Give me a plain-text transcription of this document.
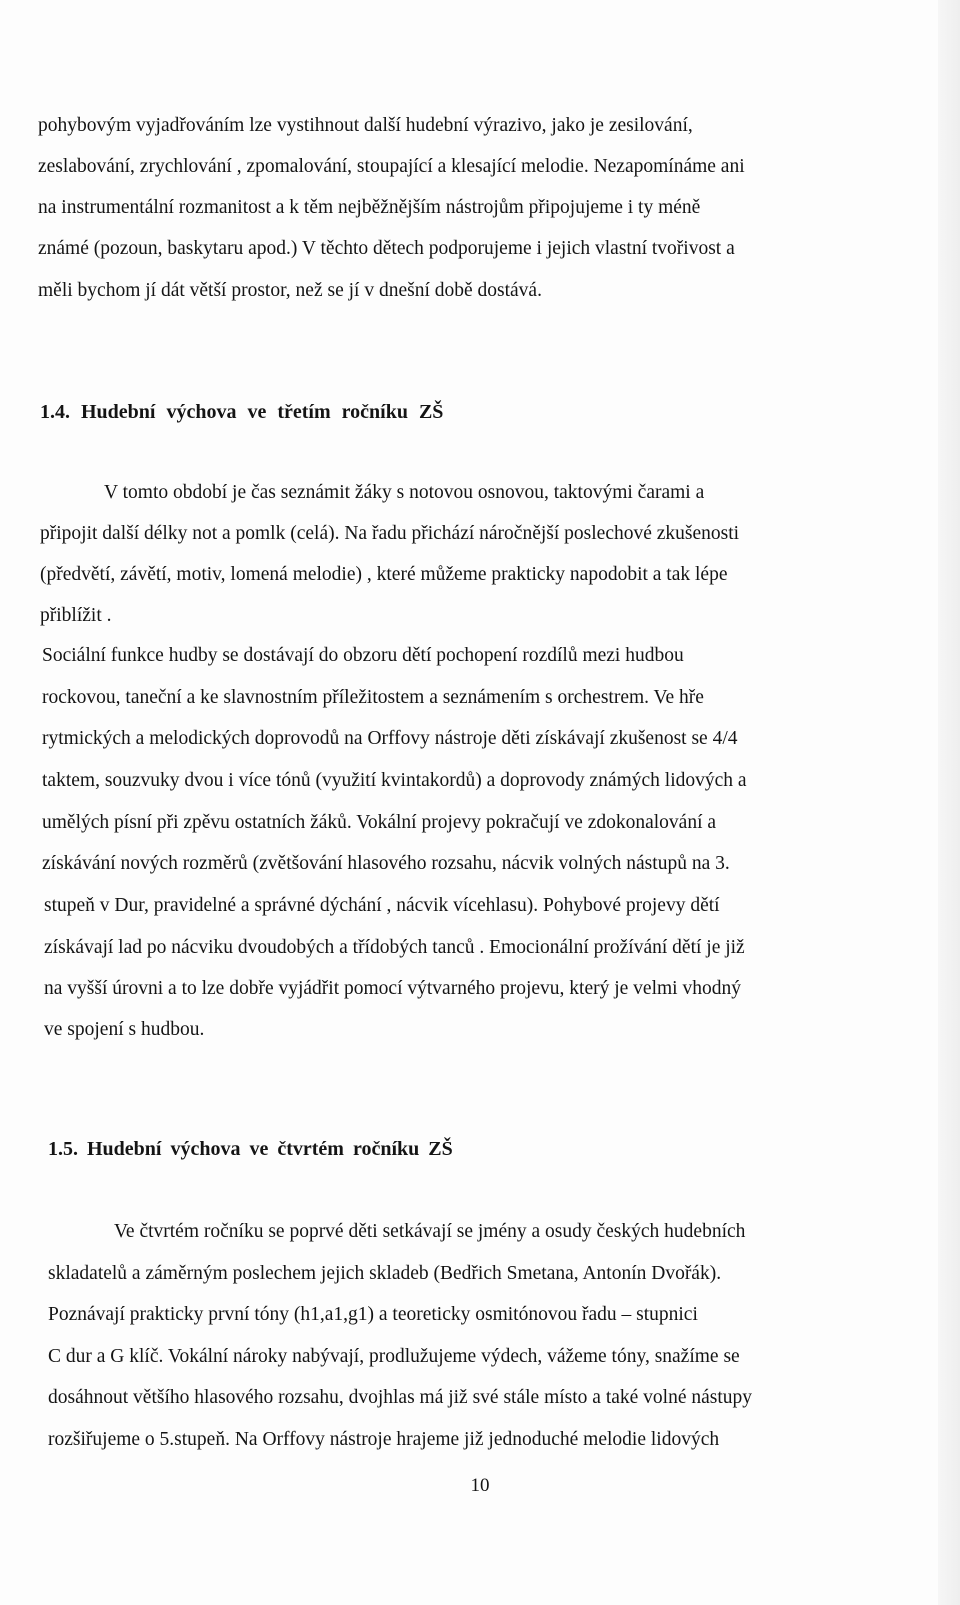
pohybovým vyjadřováním lze vystihnout další hudební výrazivo, jako je zesilování,

zeslabování, zrychlování , zpomalování, stoupající a klesající melodie. Nezapomínáme ani

na instrumentální rozmanitost a k těm nejběžnějším nástrojům připojujeme i ty méně

známé (pozoun, baskytaru apod.) V těchto dětech podporujeme i jejich vlastní tvořivost a

měli bychom jí dát větší prostor, než se jí v dnešní době dostává.

1.4. Hudební výchova ve třetím ročníku ZŠ

V tomto období je čas seznámit žáky s notovou osnovou, taktovými čarami a

připojit další délky not a pomlk (celá). Na řadu přichází náročnější poslechové zkušenosti

(předvětí, závětí, motiv, lomená melodie) , které můžeme prakticky napodobit a tak lépe

přiblížit .

Sociální funkce hudby se dostávají do obzoru dětí pochopení rozdílů mezi hudbou

rockovou, taneční a ke slavnostním příležitostem a seznámením s orchestrem. Ve hře

rytmických a melodických doprovodů na Orffovy nástroje děti získávají zkušenost se 4/4

taktem, souzvuky dvou i více tónů (využití kvintakordů) a doprovody známých lidových a

umělých písní při zpěvu ostatních žáků. Vokální projevy pokračují ve zdokonalování a

získávání nových rozměrů (zvětšování hlasového rozsahu, nácvik volných nástupů na 3.

stupeň v Dur, pravidelné a správné dýchání , nácvik vícehlasu). Pohybové projevy dětí

získávají lad po nácviku dvoudobých a třídobých tanců . Emocionální prožívání dětí je již

na vyšší úrovni a to lze dobře vyjádřit pomocí výtvarného projevu, který je velmi vhodný

ve spojení s hudbou.

1.5. Hudební výchova ve čtvrtém ročníku ZŠ

Ve čtvrtém ročníku se poprvé děti setkávají se jmény a osudy českých hudebních

skladatelů a záměrným poslechem jejich skladeb (Bedřich Smetana, Antonín Dvořák).

Poznávají prakticky první tóny (h1,a1,g1) a teoreticky osmitónovou řadu – stupnici

C dur a G klíč. Vokální nároky nabývají, prodlužujeme výdech, vážeme tóny, snažíme se

dosáhnout většího hlasového rozsahu, dvojhlas má již své stále místo a také volné nástupy

rozšiřujeme o 5.stupeň. Na Orffovy nástroje hrajeme již jednoduché melodie lidových

10
